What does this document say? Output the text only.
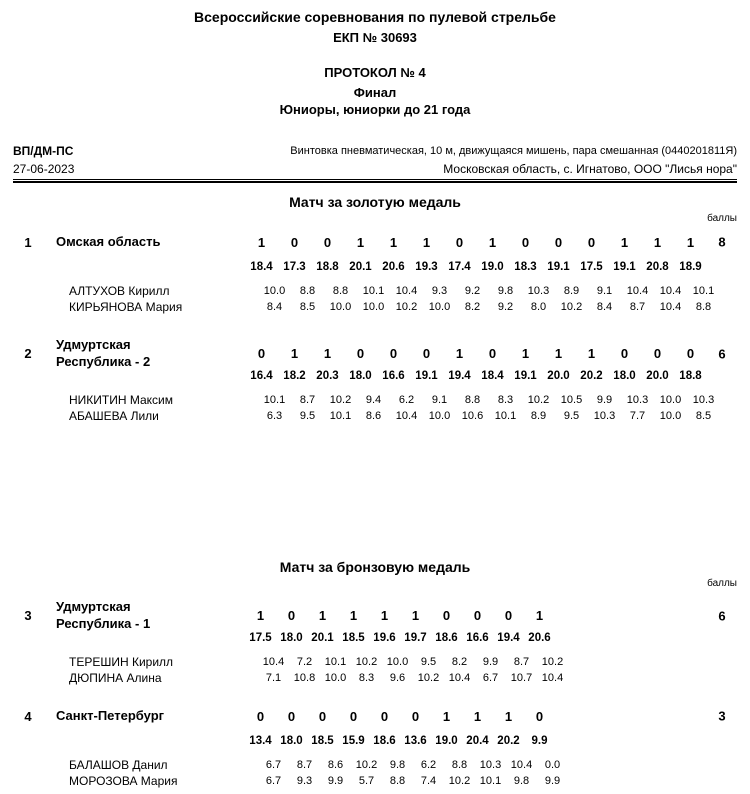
Всероссийские соревнования по пулевой стрельбе
ЕКП № 30693
ПРОТОКОЛ № 4
Финал
Юниоры, юниорки до 21 года
ВП/ДМ-ПС
27-06-2023
Винтовка пневматическая, 10 м, движущаяся мишень, пара смешанная (0440201811Я)
Московская область, с. Игнатово, ООО "Лисья нора"
Матч за золотую медаль
баллы
1	Омская область	1	0	0	1	1	1	0	1	0	0	0	1	1	1	8
18.4 17.3 18.8 20.1 20.6 19.3 17.4 19.0 18.3 19.1 17.5 19.1 20.8 18.9
АЛТУХОВ Кирилл	10.0	8.8	8.8	10.1	10.4	9.3	9.2	9.8	10.3	8.9	9.1	10.4	10.4	10.1
КИРЬЯНОВА Мария	8.4	8.5	10.0	10.0	10.2	10.0	8.2	9.2	8.0	10.2	8.4	8.7	10.4	8.8
2
Удмуртская
Республика - 2	0	1	1	0	0	0	1	0	1	1	1	0	0	0	6
16.4 18.2 20.3 18.0 16.6 19.1 19.4 18.4 19.1 20.0 20.2 18.0 20.0 18.8
НИКИТИН Максим	10.1	8.7	10.2	9.4	6.2	9.1	8.8	8.3	10.2	10.5	9.9	10.3	10.0	10.3
АБАШЕВА Лили	6.3	9.5	10.1	8.6	10.4	10.0	10.6	10.1	8.9	9.5	10.3	7.7	10.0	8.5
Матч за бронзовую медаль
баллы
3
Удмуртская
Республика - 1	1	0	1	1	1	1	0	0	0	1	6
17.5 18.0 20.1 18.5 19.6 19.7 18.6 16.6 19.4 20.6
ТЕРЕШИН Кирилл	10.4	7.2	10.1 10.2 10.0	9.5	8.2	9.9	8.7	10.2
ДЮПИНА Алина	7.1	10.8 10.0	8.3	9.6	10.2 10.4	6.7	10.7 10.4
4	Санкт-Петербург	0	0	0	0	0	0	1	1	1	0	3
13.4 18.0 18.5 15.9 18.6 13.6 19.0 20.4 20.2	9.9
БАЛАШОВ Данил	6.7	8.7	8.6	10.2	9.8	6.2	8.8	10.3 10.4	0.0
МОРОЗОВА Мария	6.7	9.3	9.9	5.7	8.8	7.4	10.2 10.1	9.8	9.9
